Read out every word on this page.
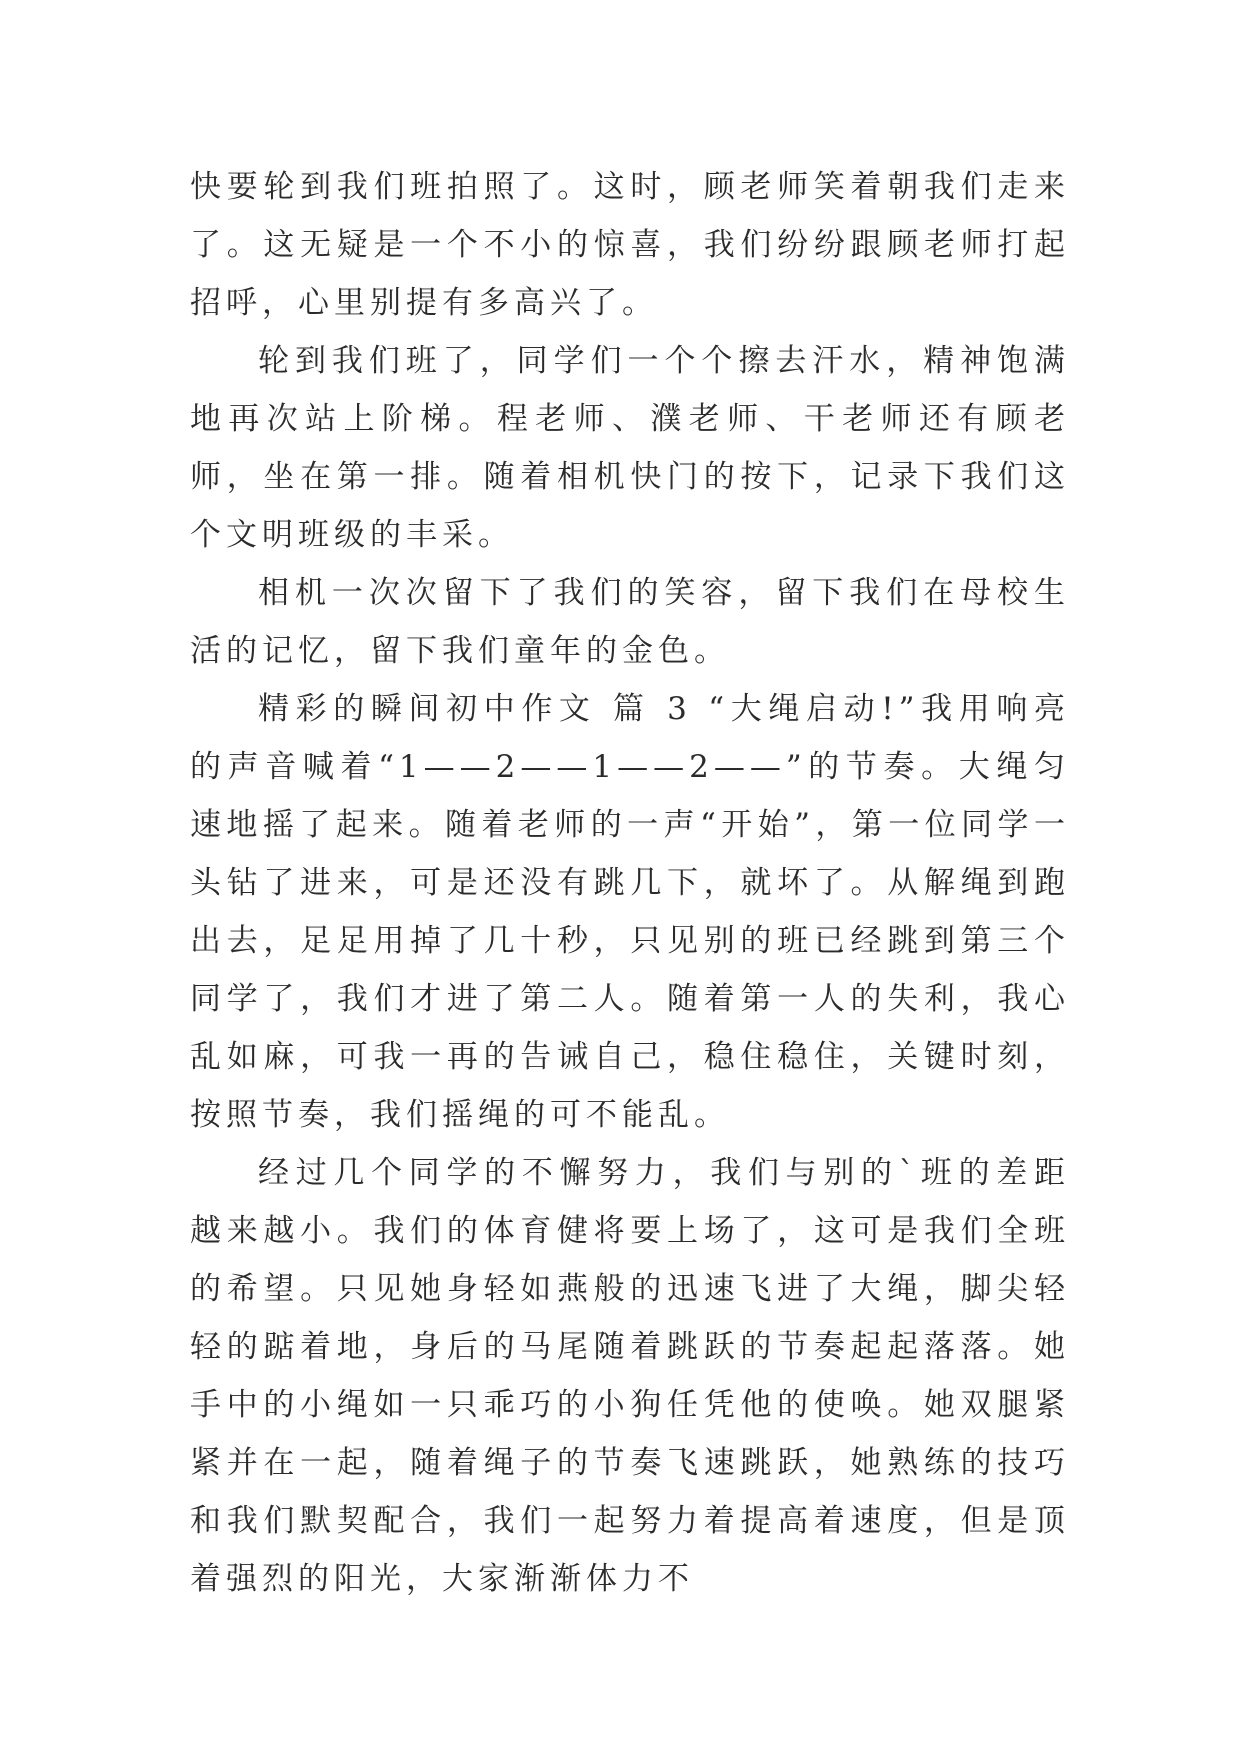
快要轮到我们班拍照了。这时，顾老师笑着朝我们走来了。这无疑是一个不小的惊喜，我们纷纷跟顾老师打起招呼，心里别提有多高兴了。

轮到我们班了，同学们一个个擦去汗水，精神饱满地再次站上阶梯。程老师、濮老师、干老师还有顾老师，坐在第一排。随着相机快门的按下，记录下我们这个文明班级的丰采。

相机一次次留下了我们的笑容，留下我们在母校生活的记忆，留下我们童年的金色。

精彩的瞬间初中作文 篇 3 “大绳启动!”我用响亮的声音喊着“1——2——1——2——”的节奏。大绳匀速地摇了起来。随着老师的一声“开始”，第一位同学一头钻了进来，可是还没有跳几下，就坏了。从解绳到跑出去，足足用掉了几十秒，只见别的班已经跳到第三个同学了，我们才进了第二人。随着第一人的失利，我心乱如麻，可我一再的告诫自己，稳住稳住，关键时刻，按照节奏，我们摇绳的可不能乱。

经过几个同学的不懈努力，我们与别的`班的差距越来越小。我们的体育健将要上场了，这可是我们全班的希望。只见她身轻如燕般的迅速飞进了大绳，脚尖轻轻的踮着地，身后的马尾随着跳跃的节奏起起落落。她手中的小绳如一只乖巧的小狗任凭他的使唤。她双腿紧紧并在一起，随着绳子的节奏飞速跳跃，她熟练的技巧和我们默契配合，我们一起努力着提高着速度，但是顶着强烈的阳光，大家渐渐体力不
